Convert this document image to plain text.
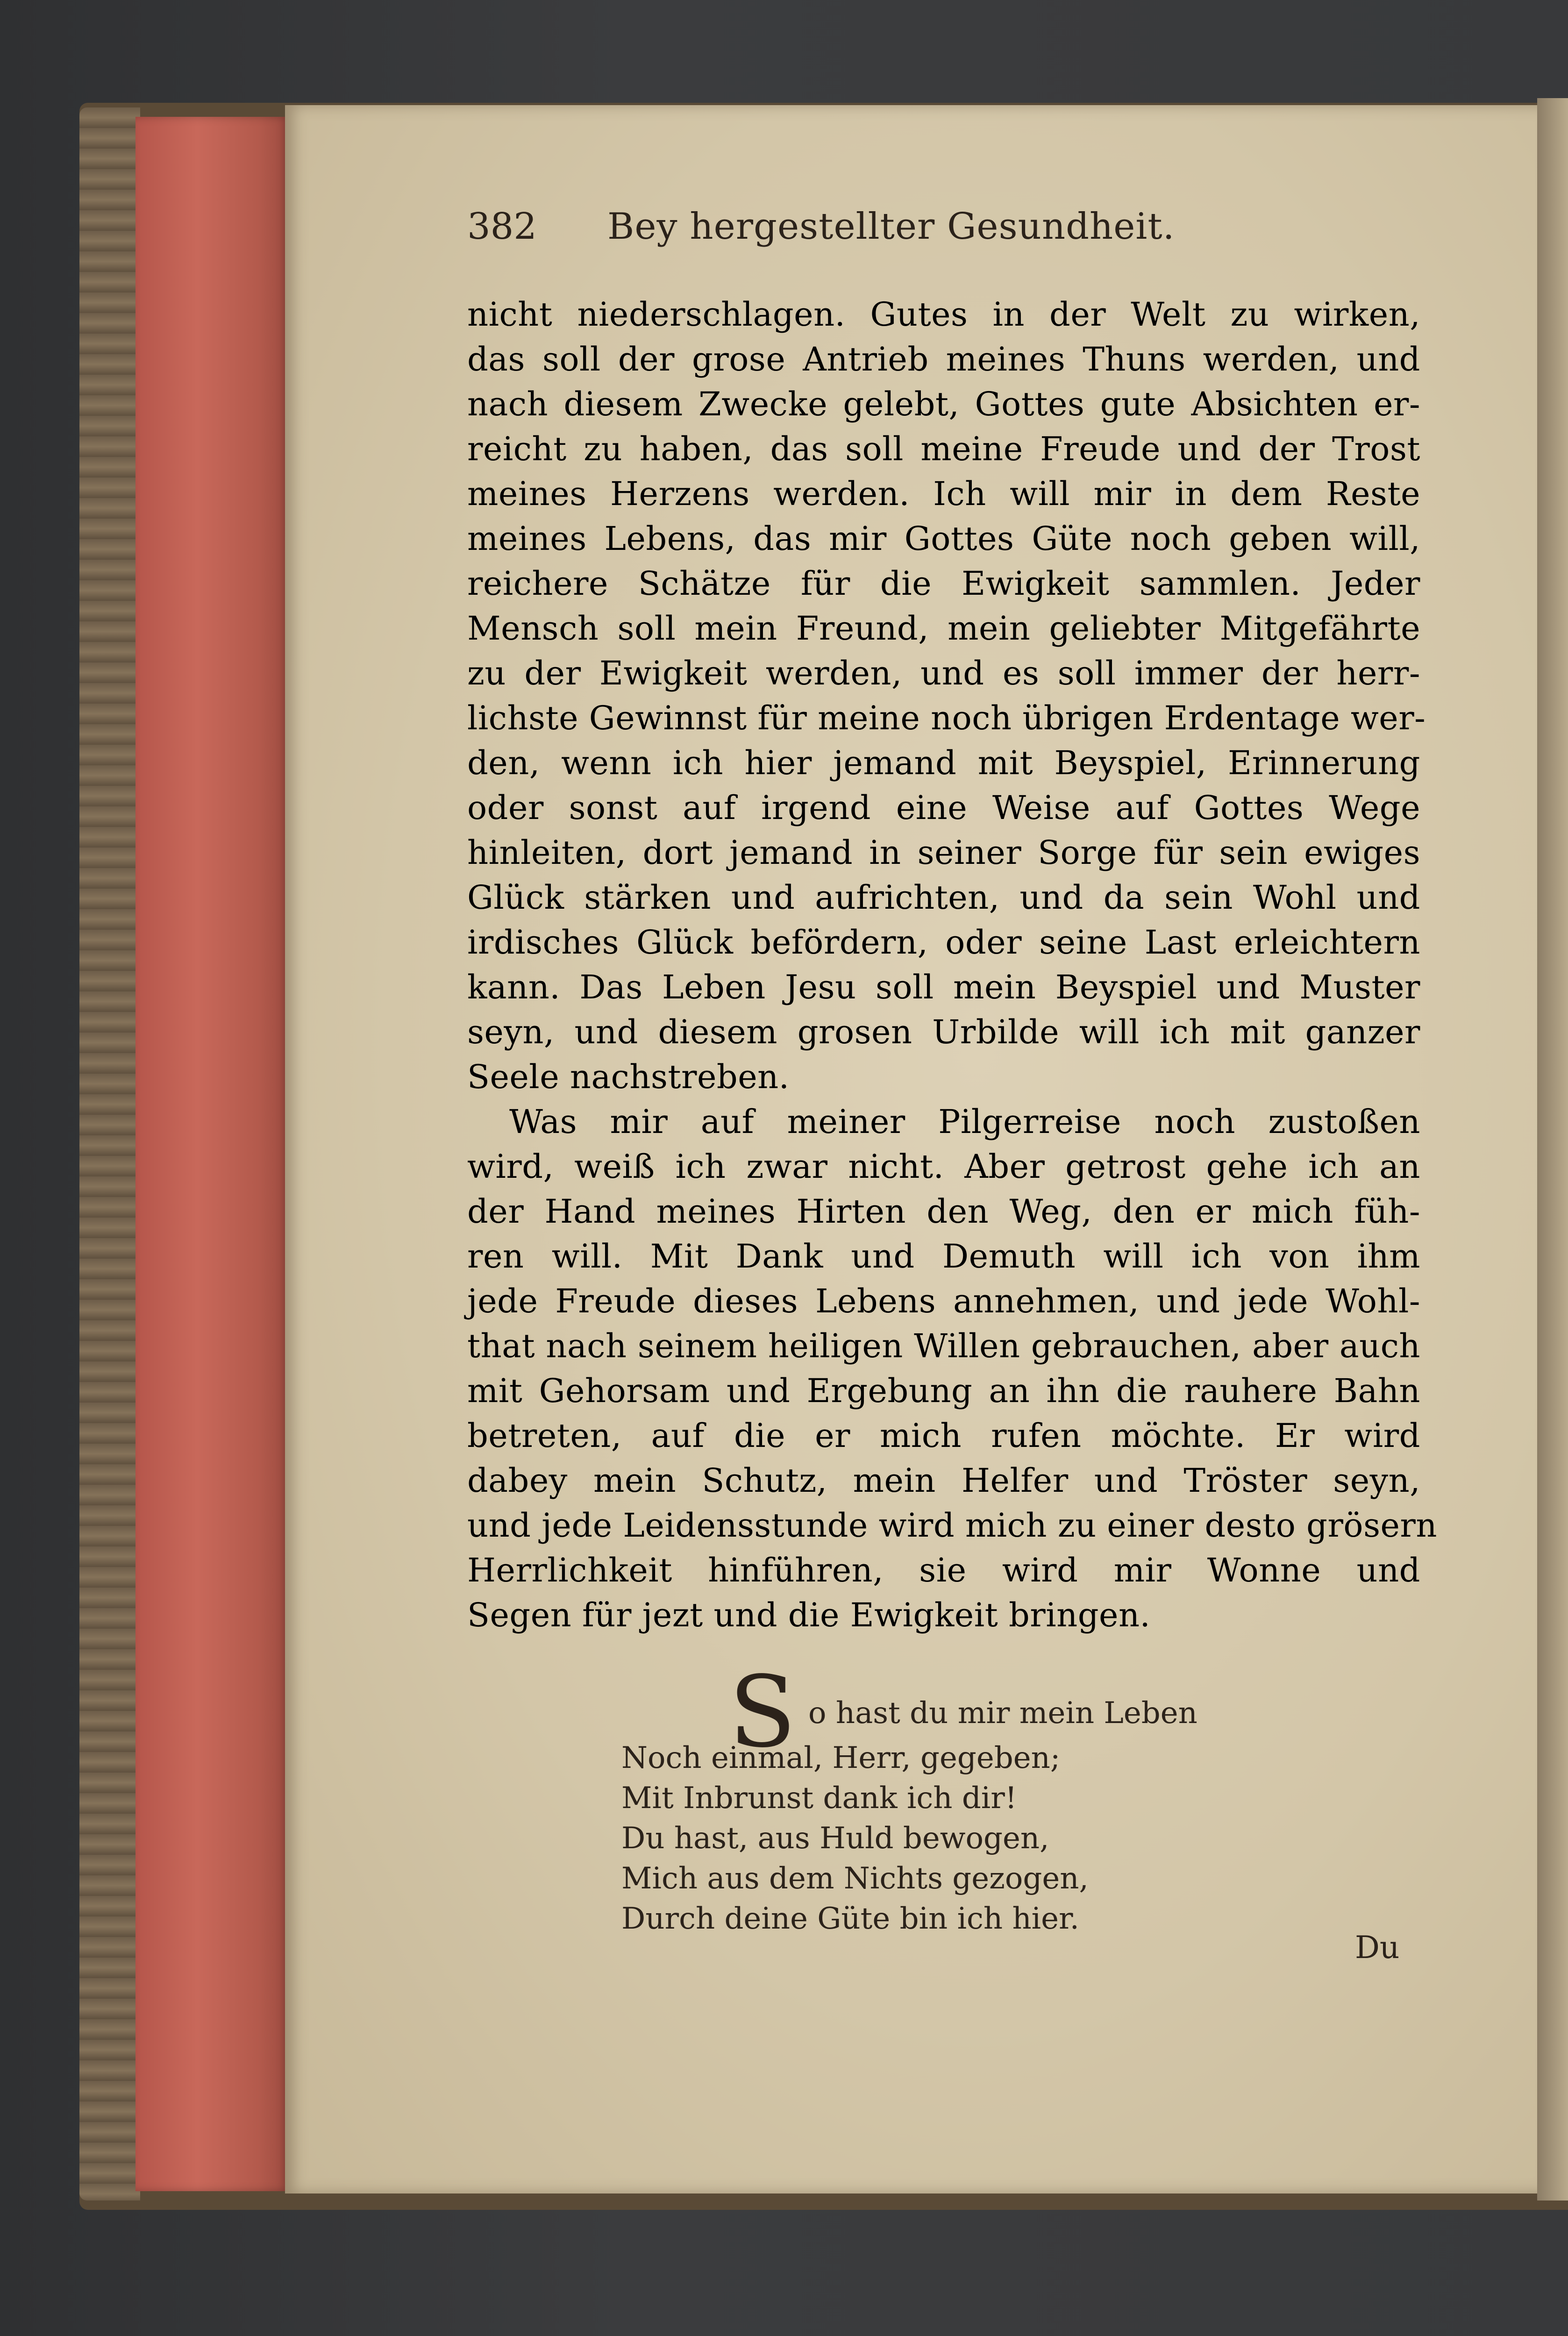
382 Bey hergestellter Gesundheit.
nicht niederschlagen. Gutes in der Welt zu wirken,
das soll der grose Antrieb meines Thuns werden, und
nach diesem Zwecke gelebt, Gottes gute Absichten er-
reicht zu haben, das soll meine Freude und der Trost
meines Herzens werden. Ich will mir in dem Reste
meines Lebens, das mir Gottes Güte noch geben will,
reichere Schätze für die Ewigkeit sammlen. Jeder
Mensch soll mein Freund, mein geliebter Mitgefährte
zu der Ewigkeit werden, und es soll immer der herr-
lichste Gewinnst für meine noch übrigen Erdentage wer-
den, wenn ich hier jemand mit Beyspiel, Erinnerung
oder sonst auf irgend eine Weise auf Gottes Wege
hinleiten, dort jemand in seiner Sorge für sein ewiges
Glück stärken und aufrichten, und da sein Wohl und
irdisches Glück befördern, oder seine Last erleichtern
kann. Das Leben Jesu soll mein Beyspiel und Muster
seyn, und diesem grosen Urbilde will ich mit ganzer
Seele nachstreben.
Was mir auf meiner Pilgerreise noch zustoßen
wird, weiß ich zwar nicht. Aber getrost gehe ich an
der Hand meines Hirten den Weg, den er mich füh-
ren will. Mit Dank und Demuth will ich von ihm
jede Freude dieses Lebens annehmen, und jede Wohl-
that nach seinem heiligen Willen gebrauchen, aber auch
mit Gehorsam und Ergebung an ihn die rauhere Bahn
betreten, auf die er mich rufen möchte. Er wird
dabey mein Schutz, mein Helfer und Tröster seyn,
und jede Leidensstunde wird mich zu einer desto grösern
Herrlichkeit hinführen, sie wird mir Wonne und
Segen für jezt und die Ewigkeit bringen.
S o hast du mir mein Leben
Noch einmal, Herr, gegeben;
Mit Inbrunst dank ich dir!
Du hast, aus Huld bewogen,
Mich aus dem Nichts gezogen,
Durch deine Güte bin ich hier.
Du
